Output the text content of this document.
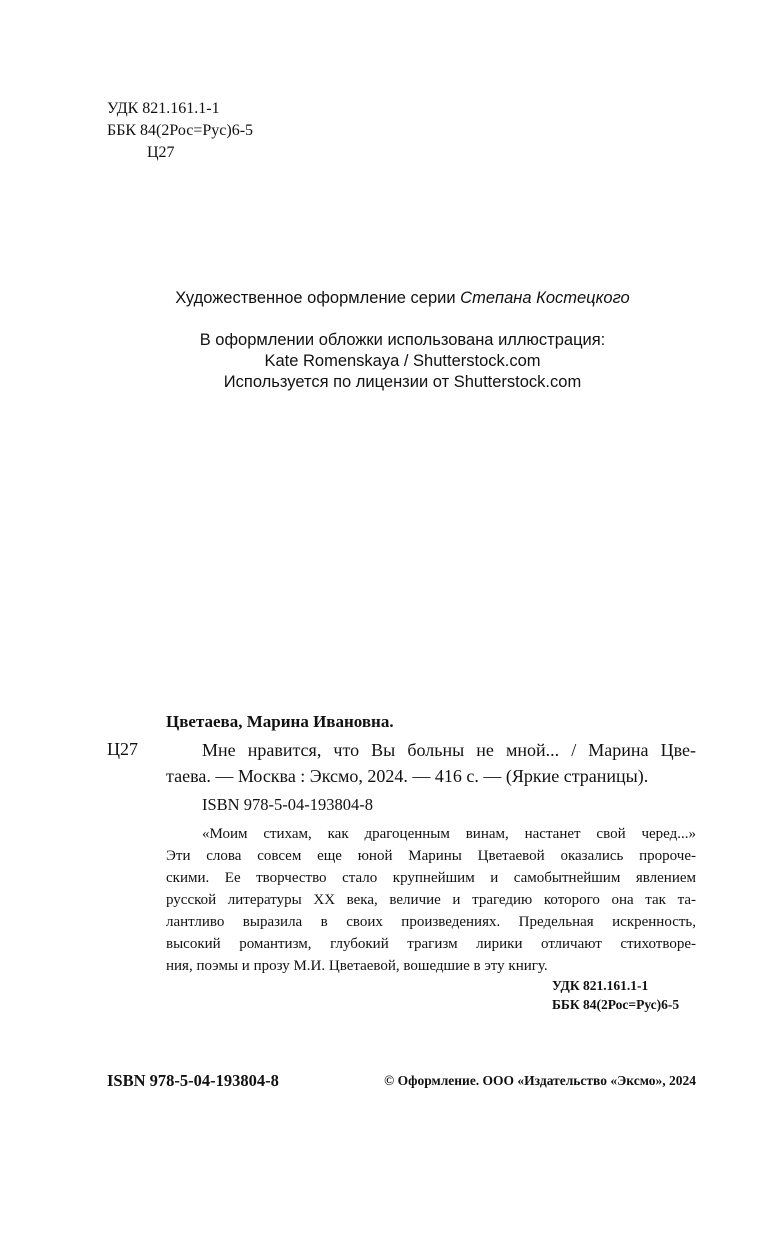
УДК 821.161.1-1
ББК 84(2Рос=Рус)6-5
Ц27
Художественное оформление серии Степана Костецкого
В оформлении обложки использована иллюстрация:
Kate Romenskaya / Shutterstock.com
Используется по лицензии от Shutterstock.com
Цветаева, Марина Ивановна.
Ц27	Мне нравится, что Вы больны не мной... / Марина Цве-
таева. — Москва : Эксмо, 2024. — 416 с. — (Яркие страницы).
ISBN 978-5-04-193804-8
«Моим стихам, как драгоценным винам, настанет свой черед...»
Эти слова совсем еще юной Марины Цветаевой оказались пророче-
скими. Ее творчество стало крупнейшим и самобытнейшим явлением
русской литературы XX века, величие и трагедию которого она так та-
лантливо выразила в своих произведениях. Предельная искренность,
высокий романтизм, глубокий трагизм лирики отличают стихотворе-
ния, поэмы и прозу М.И. Цветаевой, вошедшие в эту книгу.
УДК 821.161.1-1
ББК 84(2Рос=Рус)6-5
ISBN 978-5-04-193804-8	© Оформление. ООО «Издательство «Эксмо», 2024
